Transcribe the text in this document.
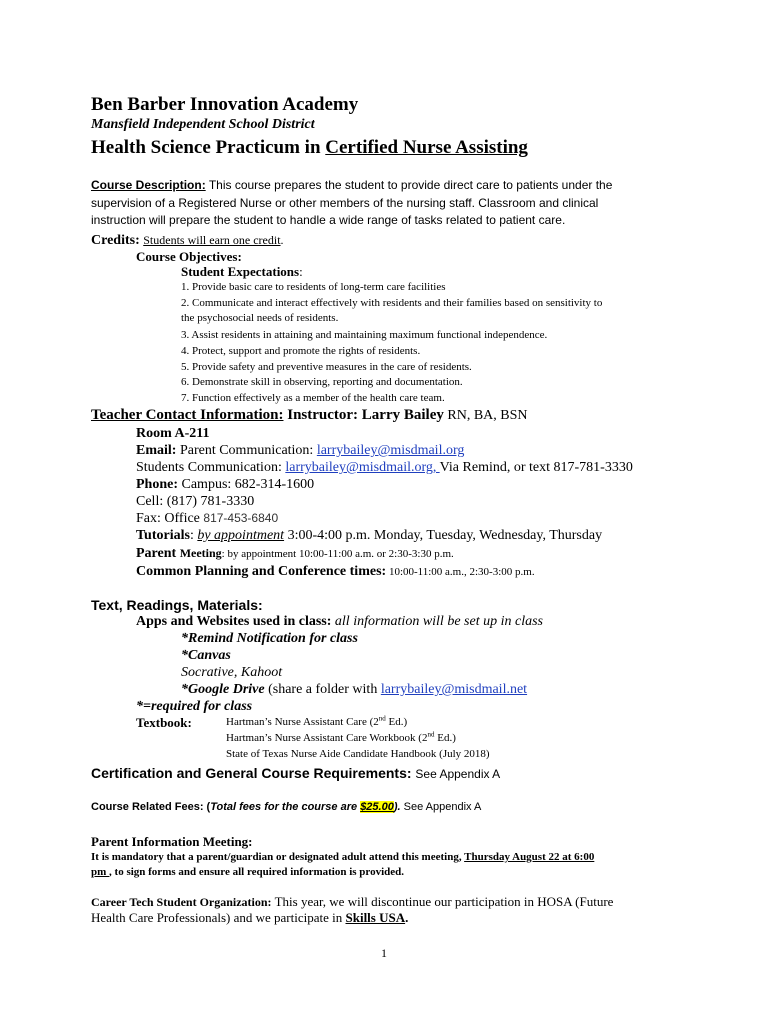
Ben Barber Innovation Academy
Mansfield Independent School District
Health Science Practicum in Certified Nurse Assisting
Course Description: This course prepares the student to provide direct care to patients under the
supervision of a Registered Nurse or other members of the nursing staff. Classroom and clinical
instruction will prepare the student to handle a wide range of tasks related to patient care.
Credits: Students will earn one credit.
Course Objectives:
Student Expectations:
1. Provide basic care to residents of long-term care facilities
2. Communicate and interact effectively with residents and their families based on sensitivity to
the psychosocial needs of residents.
3. Assist residents in attaining and maintaining maximum functional independence.
4. Protect, support and promote the rights of residents.
5. Provide safety and preventive measures in the care of residents.
6. Demonstrate skill in observing, reporting and documentation.
7. Function effectively as a member of the health care team.
Teacher Contact Information: Instructor: Larry Bailey RN, BA, BSN
Room A-211
Email: Parent Communication: larrybailey@misdmail.org
Students Communication: larrybailey@misdmail.org, Via Remind, or text 817-781-3330
Phone: Campus: 682-314-1600
Cell: (817) 781-3330
Fax: Office 817-453-6840
Tutorials: by appointment 3:00-4:00 p.m. Monday, Tuesday, Wednesday, Thursday
Parent Meeting: by appointment 10:00-11:00 a.m. or 2:30-3:30 p.m.
Common Planning and Conference times: 10:00-11:00 a.m., 2:30-3:00 p.m.
Text, Readings, Materials:
Apps and Websites used in class: all information will be set up in class
*Remind Notification for class
*Canvas
Socrative, Kahoot
*Google Drive (share a folder with larrybailey@misdmail.net
*=required for class
Textbook:	Hartman’s Nurse Assistant Care (2nd Ed.)
Hartman’s Nurse Assistant Care Workbook (2nd Ed.)
State of Texas Nurse Aide Candidate Handbook (July 2018)
Certification and General Course Requirements: See Appendix A
Course Related Fees: (Total fees for the course are $25.00). See Appendix A
Parent Information Meeting:
It is mandatory that a parent/guardian or designated adult attend this meeting, Thursday August 22 at 6:00
pm , to sign forms and ensure all required information is provided.
Career Tech Student Organization: This year, we will discontinue our participation in HOSA (Future
Health Care Professionals) and we participate in Skills USA.
1
